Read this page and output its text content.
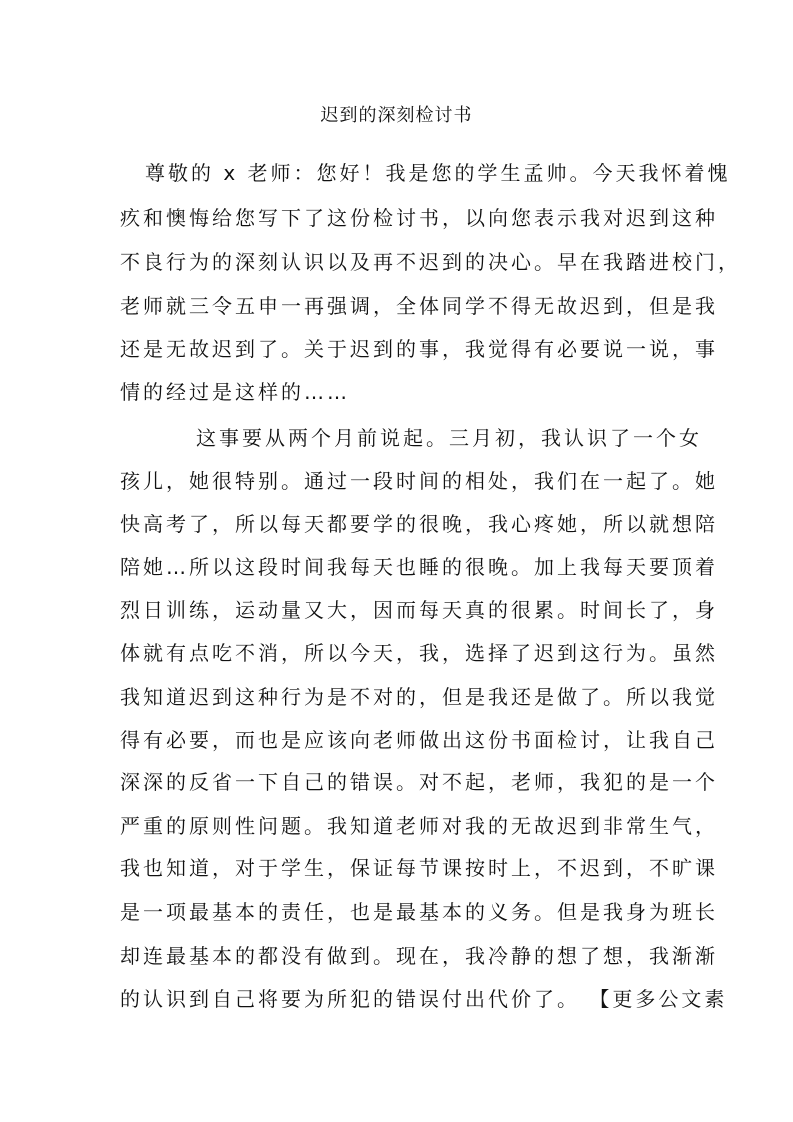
迟到的深刻检讨书
尊敬的 x 老师：您好！我是您的学生孟帅。今天我怀着愧
疚和懊悔给您写下了这份检讨书，以向您表示我对迟到这种
不良行为的深刻认识以及再不迟到的决心。早在我踏进校门，
老师就三令五申一再强调，全体同学不得无故迟到，但是我
还是无故迟到了。关于迟到的事，我觉得有必要说一说，事
情的经过是这样的……
这事要从两个月前说起。三月初，我认识了一个女
孩儿，她很特别。通过一段时间的相处，我们在一起了。她
快高考了，所以每天都要学的很晚，我心疼她，所以就想陪
陪她…所以这段时间我每天也睡的很晚。加上我每天要顶着
烈日训练，运动量又大，因而每天真的很累。时间长了，身
体就有点吃不消，所以今天，我，选择了迟到这行为。虽然
我知道迟到这种行为是不对的，但是我还是做了。所以我觉
得有必要，而也是应该向老师做出这份书面检讨，让我自己
深深的反省一下自己的错误。对不起，老师，我犯的是一个
严重的原则性问题。我知道老师对我的无故迟到非常生气，
我也知道，对于学生，保证每节课按时上，不迟到，不旷课
是一项最基本的责任，也是最基本的义务。但是我身为班长
却连最基本的都没有做到。现在，我冷静的想了想，我渐渐
的认识到自己将要为所犯的错误付出代价了。 【更多公文素
